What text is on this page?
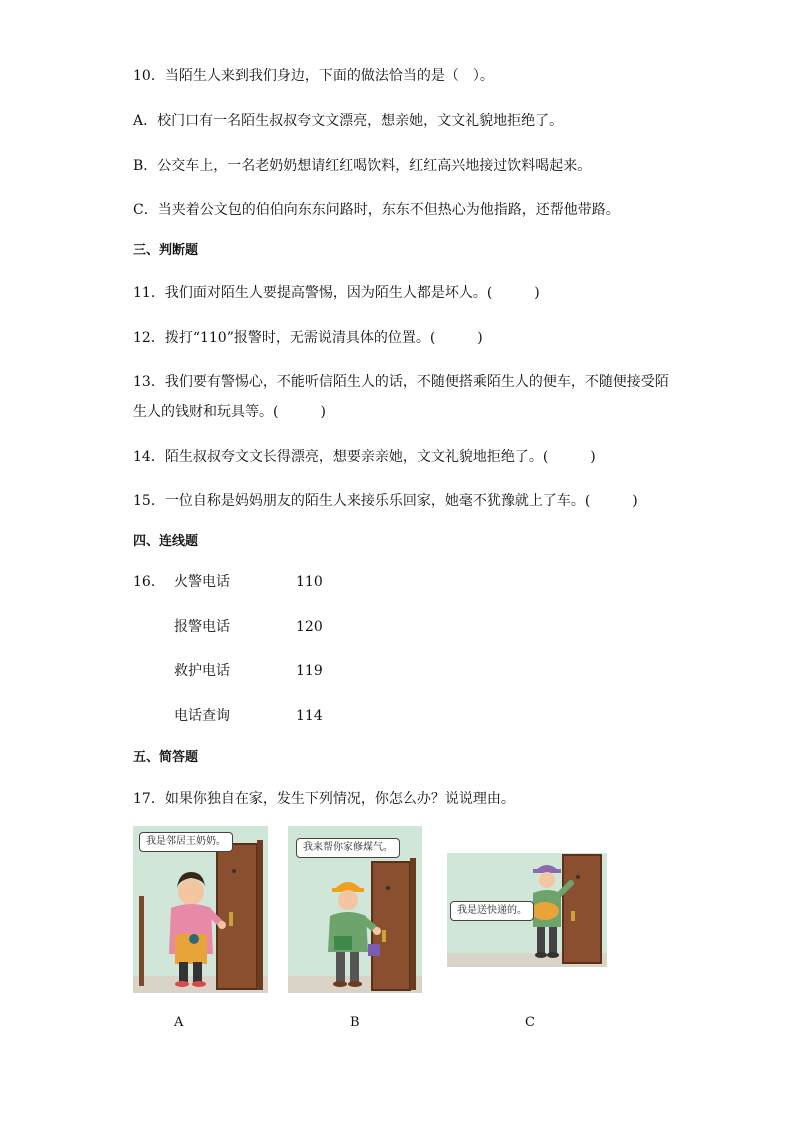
10．当陌生人来到我们身边，下面的做法恰当的是（　）。
A．校门口有一名陌生叔叔夸文文漂亮，想亲她，文文礼貌地拒绝了。
B．公交车上，一名老奶奶想请红红喝饮料，红红高兴地接过饮料喝起来。
C．当夹着公文包的伯伯向东东问路时，东东不但热心为他指路，还帮他带路。
三、判断题
11．我们面对陌生人要提高警惕，因为陌生人都是坏人。(　　　)
12．拨打“110”报警时，无需说清具体的位置。(　　　)
13．我们要有警惕心，不能听信陌生人的话，不随便搭乘陌生人的便车，不随便接受陌
生人的钱财和玩具等。(　　　)
14．陌生叔叔夸文文长得漂亮，想要亲亲她，文文礼貌地拒绝了。(　　　)
15．一位自称是妈妈朋友的陌生人来接乐乐回家，她毫不犹豫就上了车。(　　　)
四、连线题
16． 火警电话	110
报警电话	120
救护电话	119
电话查询	114
五、简答题
17．如果你独自在家，发生下列情况，你怎么办？说说理由。
我是邻居王奶奶。
A
我来帮你家修煤气。
B
我是送快递的。
C
